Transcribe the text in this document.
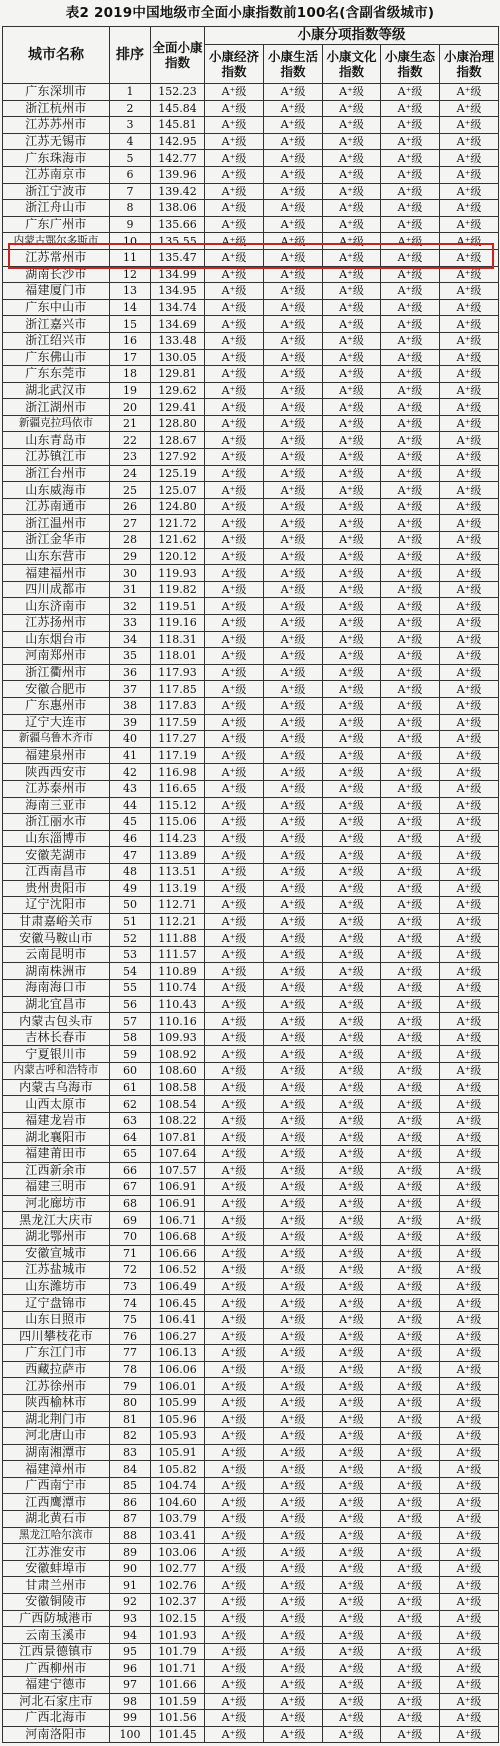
表2 2019中国地级市全面小康指数前100名(含副省级城市)
城市名称	排序	全面小康指数	小康分项指数等级				
			小康经济指数	小康生活指数	小康文化指数	小康生态指数	小康治理指数
广东深圳市	1	152.23	A⁺级	A⁺级	A⁺级	A⁺级	A⁺级
浙江杭州市	2	145.84	A⁺级	A⁺级	A⁺级	A⁺级	A⁺级
江苏苏州市	3	145.81	A⁺级	A⁺级	A⁺级	A⁺级	A⁺级
江苏无锡市	4	142.95	A⁺级	A⁺级	A⁺级	A⁺级	A⁺级
广东珠海市	5	142.77	A⁺级	A⁺级	A⁺级	A⁺级	A⁺级
江苏南京市	6	139.96	A⁺级	A⁺级	A⁺级	A⁺级	A⁺级
浙江宁波市	7	139.42	A⁺级	A⁺级	A⁺级	A⁺级	A⁺级
浙江舟山市	8	138.06	A⁺级	A⁺级	A⁺级	A⁺级	A⁺级
广东广州市	9	135.66	A⁺级	A⁺级	A⁺级	A⁺级	A⁺级
内蒙古鄂尔多斯市	10	135.55	A⁺级	A⁺级	A⁺级	A⁺级	A⁺级
江苏常州市	11	135.47	A⁺级	A⁺级	A⁺级	A⁺级	A⁺级
湖南长沙市	12	134.99	A⁺级	A⁺级	A⁺级	A⁺级	A⁺级
福建厦门市	13	134.95	A⁺级	A⁺级	A⁺级	A⁺级	A⁺级
广东中山市	14	134.74	A⁺级	A⁺级	A⁺级	A⁺级	A⁺级
浙江嘉兴市	15	134.69	A⁺级	A⁺级	A⁺级	A⁺级	A⁺级
浙江绍兴市	16	133.48	A⁺级	A⁺级	A⁺级	A⁺级	A⁺级
广东佛山市	17	130.05	A⁺级	A⁺级	A⁺级	A⁺级	A⁺级
广东东莞市	18	129.81	A⁺级	A⁺级	A⁺级	A⁺级	A⁺级
湖北武汉市	19	129.62	A⁺级	A⁺级	A⁺级	A⁺级	A⁺级
浙江湖州市	20	129.41	A⁺级	A⁺级	A⁺级	A⁺级	A⁺级
新疆克拉玛依市	21	128.80	A⁺级	A⁺级	A⁺级	A⁺级	A⁺级
山东青岛市	22	128.67	A⁺级	A⁺级	A⁺级	A⁺级	A⁺级
江苏镇江市	23	127.92	A⁺级	A⁺级	A⁺级	A⁺级	A⁺级
浙江台州市	24	125.19	A⁺级	A⁺级	A⁺级	A⁺级	A⁺级
山东威海市	25	125.07	A⁺级	A⁺级	A⁺级	A⁺级	A⁺级
江苏南通市	26	124.80	A⁺级	A⁺级	A⁺级	A⁺级	A⁺级
浙江温州市	27	121.72	A⁺级	A⁺级	A⁺级	A⁺级	A⁺级
浙江金华市	28	121.62	A⁺级	A⁺级	A⁺级	A⁺级	A⁺级
山东东营市	29	120.12	A⁺级	A⁺级	A⁺级	A⁺级	A⁺级
福建福州市	30	119.93	A⁺级	A⁺级	A⁺级	A⁺级	A⁺级
四川成都市	31	119.82	A⁺级	A⁺级	A⁺级	A⁺级	A⁺级
山东济南市	32	119.51	A⁺级	A⁺级	A⁺级	A⁺级	A⁺级
江苏扬州市	33	119.16	A⁺级	A⁺级	A⁺级	A⁺级	A⁺级
山东烟台市	34	118.31	A⁺级	A⁺级	A⁺级	A⁺级	A⁺级
河南郑州市	35	118.01	A⁺级	A⁺级	A⁺级	A⁺级	A⁺级
浙江衢州市	36	117.93	A⁺级	A⁺级	A⁺级	A⁺级	A⁺级
安徽合肥市	37	117.85	A⁺级	A⁺级	A⁺级	A⁺级	A⁺级
广东惠州市	38	117.83	A⁺级	A⁺级	A⁺级	A⁺级	A⁺级
辽宁大连市	39	117.59	A⁺级	A⁺级	A⁺级	A⁺级	A⁺级
新疆乌鲁木齐市	40	117.27	A⁺级	A⁺级	A⁺级	A⁺级	A⁺级
福建泉州市	41	117.19	A⁺级	A⁺级	A⁺级	A⁺级	A⁺级
陕西西安市	42	116.98	A⁺级	A⁺级	A⁺级	A⁺级	A⁺级
江苏泰州市	43	116.65	A⁺级	A⁺级	A⁺级	A⁺级	A⁺级
海南三亚市	44	115.12	A⁺级	A⁺级	A⁺级	A⁺级	A⁺级
浙江丽水市	45	115.06	A⁺级	A⁺级	A⁺级	A⁺级	A⁺级
山东淄博市	46	114.23	A⁺级	A⁺级	A⁺级	A⁺级	A⁺级
安徽芜湖市	47	113.89	A⁺级	A⁺级	A⁺级	A⁺级	A⁺级
江西南昌市	48	113.51	A⁺级	A⁺级	A⁺级	A⁺级	A⁺级
贵州贵阳市	49	113.19	A⁺级	A⁺级	A⁺级	A⁺级	A⁺级
辽宁沈阳市	50	112.71	A⁺级	A⁺级	A⁺级	A⁺级	A⁺级
甘肃嘉峪关市	51	112.21	A⁺级	A⁺级	A⁺级	A⁺级	A⁺级
安徽马鞍山市	52	111.88	A⁺级	A⁺级	A⁺级	A⁺级	A⁺级
云南昆明市	53	111.57	A⁺级	A⁺级	A⁺级	A⁺级	A⁺级
湖南株洲市	54	110.89	A⁺级	A⁺级	A⁺级	A⁺级	A⁺级
海南海口市	55	110.74	A⁺级	A⁺级	A⁺级	A⁺级	A⁺级
湖北宜昌市	56	110.43	A⁺级	A⁺级	A⁺级	A⁺级	A⁺级
内蒙古包头市	57	110.16	A⁺级	A⁺级	A⁺级	A⁺级	A⁺级
吉林长春市	58	109.93	A⁺级	A⁺级	A⁺级	A⁺级	A⁺级
宁夏银川市	59	108.92	A⁺级	A⁺级	A⁺级	A⁺级	A⁺级
内蒙古呼和浩特市	60	108.60	A⁺级	A⁺级	A⁺级	A⁺级	A⁺级
内蒙古乌海市	61	108.58	A⁺级	A⁺级	A⁺级	A⁺级	A⁺级
山西太原市	62	108.54	A⁺级	A⁺级	A⁺级	A⁺级	A⁺级
福建龙岩市	63	108.22	A⁺级	A⁺级	A⁺级	A⁺级	A⁺级
湖北襄阳市	64	107.81	A⁺级	A⁺级	A⁺级	A⁺级	A⁺级
福建莆田市	65	107.64	A⁺级	A⁺级	A⁺级	A⁺级	A⁺级
江西新余市	66	107.57	A⁺级	A⁺级	A⁺级	A⁺级	A⁺级
福建三明市	67	106.91	A⁺级	A⁺级	A⁺级	A⁺级	A⁺级
河北廊坊市	68	106.91	A⁺级	A⁺级	A⁺级	A⁺级	A⁺级
黑龙江大庆市	69	106.71	A⁺级	A⁺级	A⁺级	A⁺级	A⁺级
湖北鄂州市	70	106.68	A⁺级	A⁺级	A⁺级	A⁺级	A⁺级
安徽宣城市	71	106.66	A⁺级	A⁺级	A⁺级	A⁺级	A⁺级
江苏盐城市	72	106.52	A⁺级	A⁺级	A⁺级	A⁺级	A⁺级
山东潍坊市	73	106.49	A⁺级	A⁺级	A⁺级	A⁺级	A⁺级
辽宁盘锦市	74	106.45	A⁺级	A⁺级	A⁺级	A⁺级	A⁺级
山东日照市	75	106.41	A⁺级	A⁺级	A⁺级	A⁺级	A⁺级
四川攀枝花市	76	106.27	A⁺级	A⁺级	A⁺级	A⁺级	A⁺级
广东江门市	77	106.13	A⁺级	A⁺级	A⁺级	A⁺级	A⁺级
西藏拉萨市	78	106.06	A⁺级	A⁺级	A⁺级	A⁺级	A⁺级
江苏徐州市	79	106.01	A⁺级	A⁺级	A⁺级	A⁺级	A⁺级
陕西榆林市	80	105.99	A⁺级	A⁺级	A⁺级	A⁺级	A⁺级
湖北荆门市	81	105.96	A⁺级	A⁺级	A⁺级	A⁺级	A⁺级
河北唐山市	82	105.93	A⁺级	A⁺级	A⁺级	A⁺级	A⁺级
湖南湘潭市	83	105.91	A⁺级	A⁺级	A⁺级	A⁺级	A⁺级
福建漳州市	84	105.82	A⁺级	A⁺级	A⁺级	A⁺级	A⁺级
广西南宁市	85	104.74	A⁺级	A⁺级	A⁺级	A⁺级	A⁺级
江西鹰潭市	86	104.60	A⁺级	A⁺级	A⁺级	A⁺级	A⁺级
湖北黄石市	87	103.79	A⁺级	A⁺级	A⁺级	A⁺级	A⁺级
黑龙江哈尔滨市	88	103.41	A⁺级	A⁺级	A⁺级	A⁺级	A⁺级
江苏淮安市	89	103.06	A⁺级	A⁺级	A⁺级	A⁺级	A⁺级
安徽蚌埠市	90	102.77	A⁺级	A⁺级	A⁺级	A⁺级	A⁺级
甘肃兰州市	91	102.76	A⁺级	A⁺级	A⁺级	A⁺级	A⁺级
安徽铜陵市	92	102.37	A⁺级	A⁺级	A⁺级	A⁺级	A⁺级
广西防城港市	93	102.15	A⁺级	A⁺级	A⁺级	A⁺级	A⁺级
云南玉溪市	94	101.93	A⁺级	A⁺级	A⁺级	A⁺级	A⁺级
江西景德镇市	95	101.79	A⁺级	A⁺级	A⁺级	A⁺级	A⁺级
广西柳州市	96	101.71	A⁺级	A⁺级	A⁺级	A⁺级	A⁺级
福建宁德市	97	101.66	A⁺级	A⁺级	A⁺级	A⁺级	A⁺级
河北石家庄市	98	101.59	A⁺级	A⁺级	A⁺级	A⁺级	A⁺级
广西北海市	99	101.56	A⁺级	A⁺级	A⁺级	A⁺级	A⁺级
河南洛阳市	100	101.45	A⁺级	A⁺级	A⁺级	A⁺级	A⁺级
